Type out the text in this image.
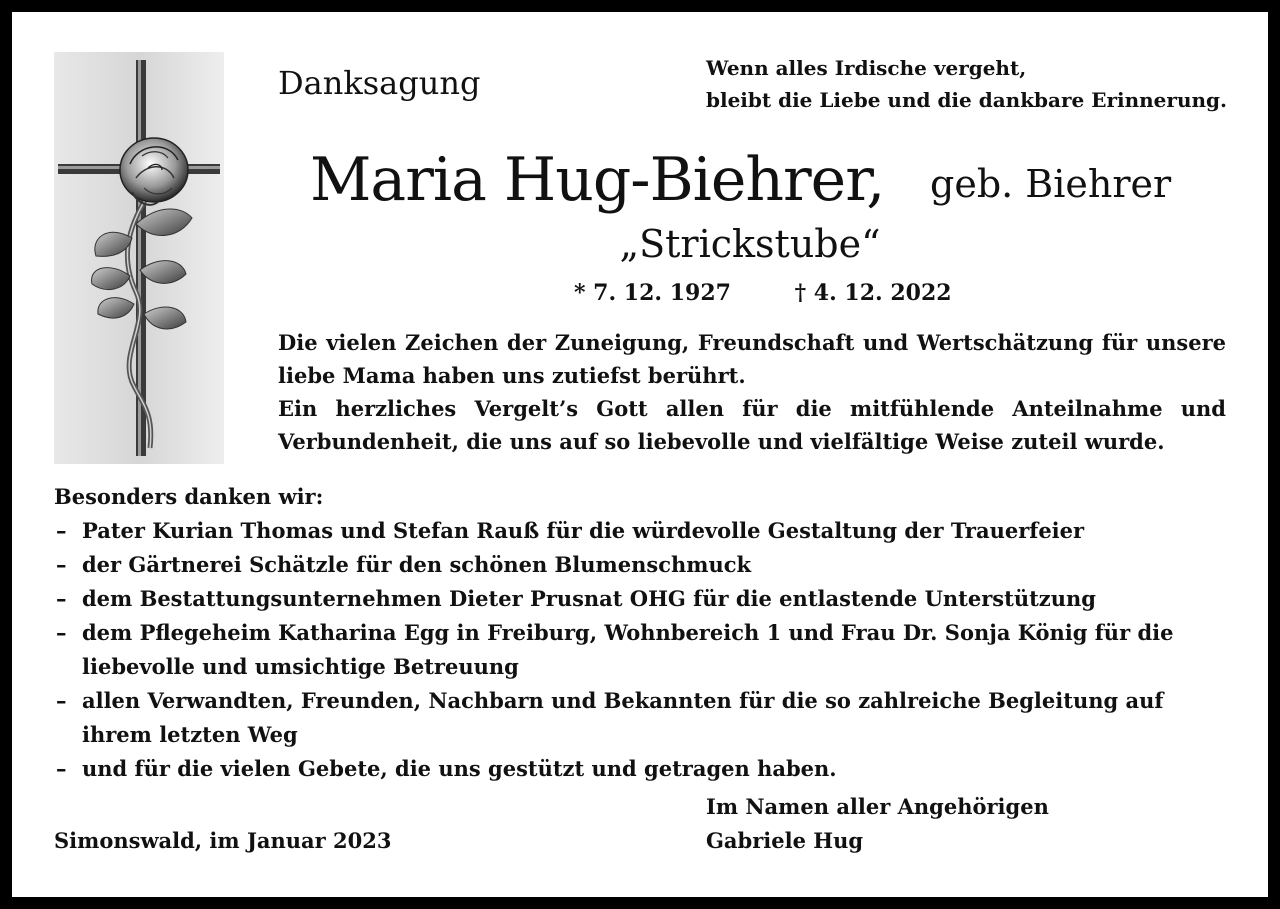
Danksagung	Wenn alles Irdische vergeht,
bleibt die Liebe und die dankbare Erinnerung.
Maria Hug-Biehrer, geb. Biehrer
„Strickstube“
* 7. 12. 1927	† 4. 12. 2022

Die vielen Zeichen der Zuneigung, Freundschaft und Wertschätzung für unsere liebe Mama haben uns zutiefst berührt.

Ein herzliches Vergelt’s Gott allen für die mitfühlende Anteilnahme und Verbundenheit, die uns auf so liebevolle und vielfältige Weise zuteil wurde.

Besonders danken wir:
– Pater Kurian Thomas und Stefan Rauß für die würdevolle Gestaltung der Trauerfeier
– der Gärtnerei Schätzle für den schönen Blumenschmuck
– dem Bestattungsunternehmen Dieter Prusnat OHG für die entlastende Unterstützung
– dem Pflegeheim Katharina Egg in Freiburg, Wohnbereich 1 und Frau Dr. Sonja König für die liebevolle und umsichtige Betreuung
– allen Verwandten, Freunden, Nachbarn und Bekannten für die so zahlreiche Begleitung auf ihrem letzten Weg
– und für die vielen Gebete, die uns gestützt und getragen haben.
Im Namen aller Angehörigen
Gabriele Hug
Simonswald, im Januar 2023
